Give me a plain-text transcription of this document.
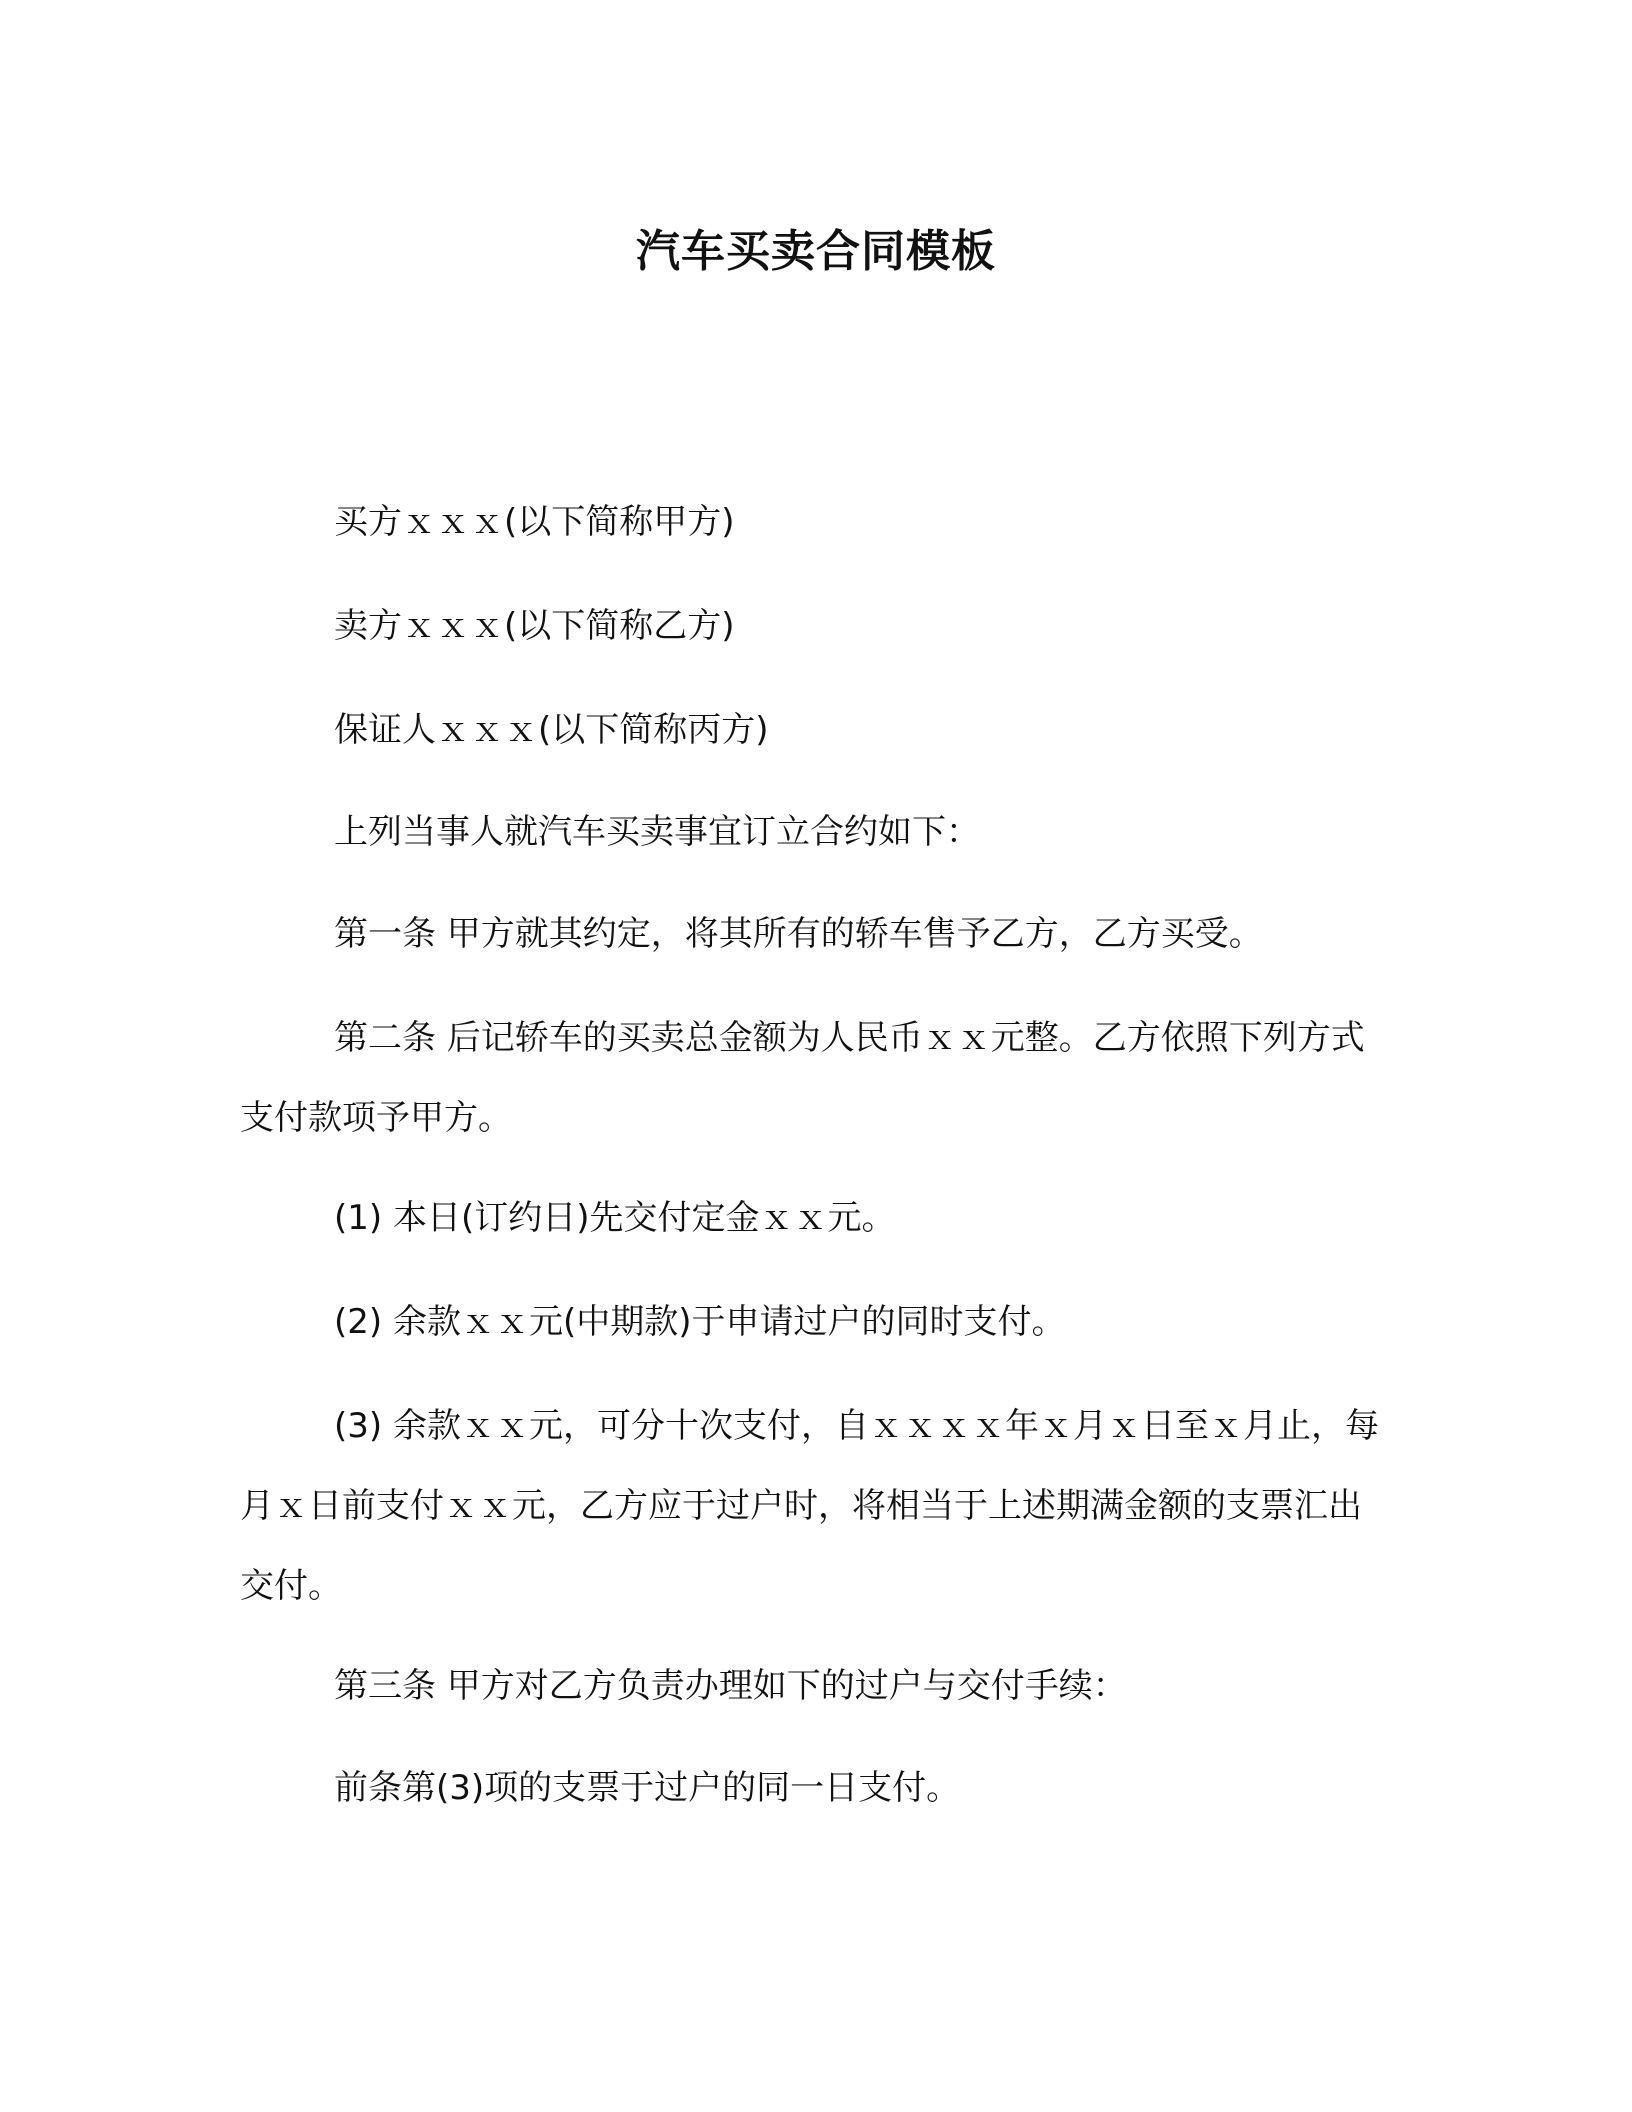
汽车买卖合同模板

买方ｘｘｘ(以下简称甲方)

卖方ｘｘｘ(以下简称乙方)

保证人ｘｘｘ(以下简称丙方)

上列当事人就汽车买卖事宜订立合约如下：

第一条 甲方就其约定，将其所有的轿车售予乙方，乙方买受。

第二条 后记轿车的买卖总金额为人民币ｘｘ元整。乙方依照下列方式支付款项予甲方。

(1) 本日(订约日)先交付定金ｘｘ元。

(2) 余款ｘｘ元(中期款)于申请过户的同时支付。

(3) 余款ｘｘ元，可分十次支付，自ｘｘｘｘ年ｘ月ｘ日至ｘ月止，每月ｘ日前支付ｘｘ元，乙方应于过户时，将相当于上述期满金额的支票汇出交付。

第三条 甲方对乙方负责办理如下的过户与交付手续：

前条第(3)项的支票于过户的同一日支付。
